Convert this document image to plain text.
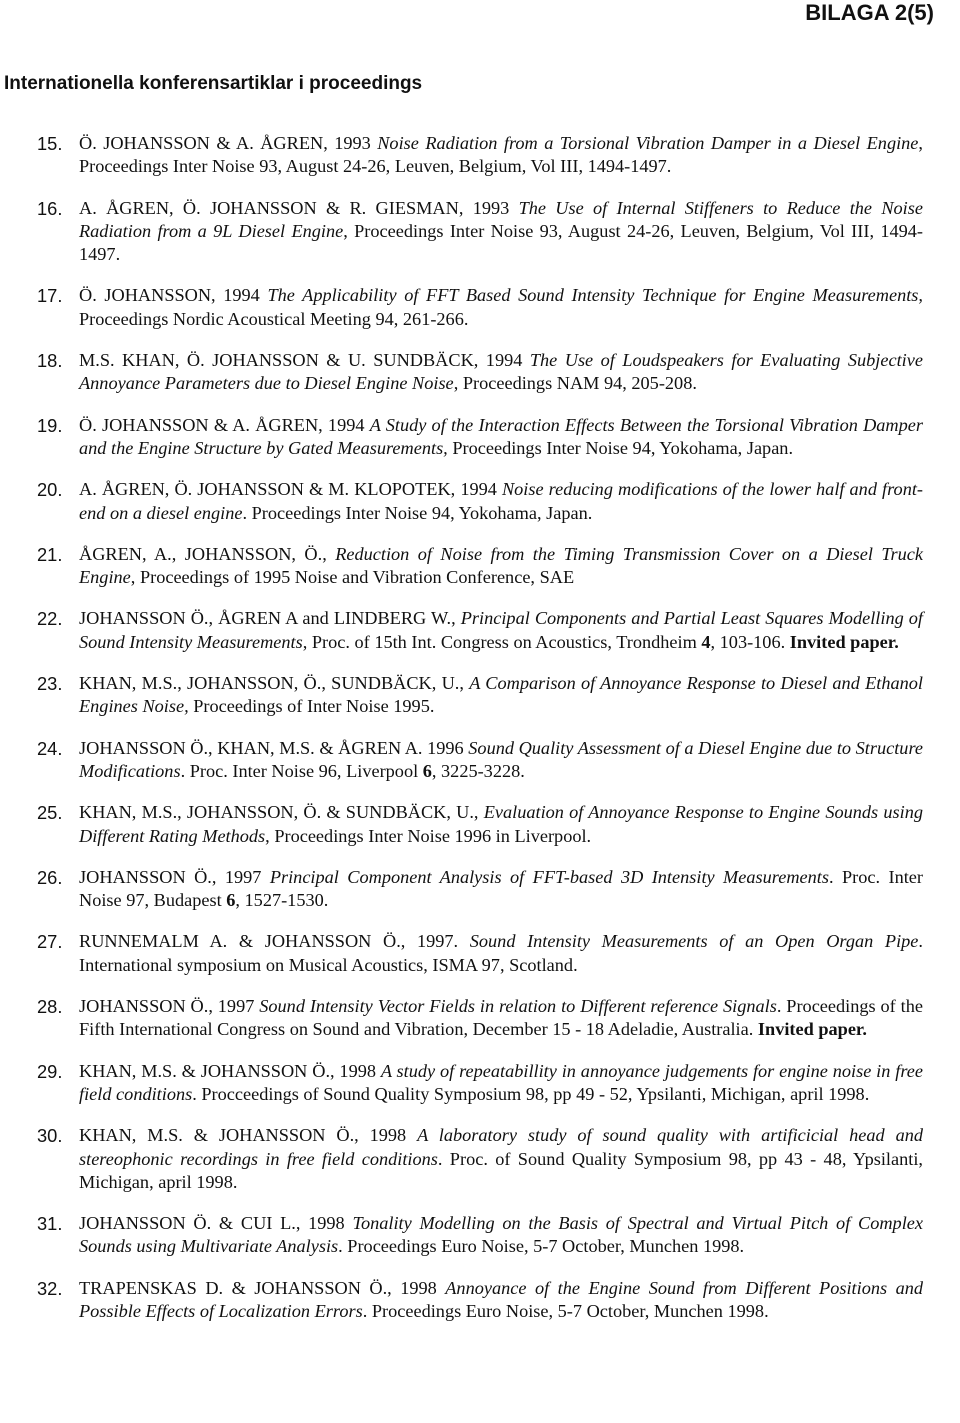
BILAGA 2(5)
Internationella konferensartiklar i proceedings
15. Ö. JOHANSSON & A. ÅGREN, 1993 Noise Radiation from a Torsional Vibration Damper in a Diesel Engine, Proceedings Inter Noise 93, August 24-26, Leuven, Belgium, Vol III, 1494-1497.
16. A. ÅGREN, Ö. JOHANSSON & R. GIESMAN, 1993 The Use of Internal Stiffeners to Reduce the Noise Radiation from a 9L Diesel Engine, Proceedings Inter Noise 93, August 24-26, Leuven, Belgium, Vol III, 1494-1497.
17. Ö. JOHANSSON, 1994 The Applicability of FFT Based Sound Intensity Technique for Engine Measurements, Proceedings Nordic Acoustical Meeting 94, 261-266.
18. M.S. KHAN, Ö. JOHANSSON & U. SUNDBÄCK, 1994 The Use of Loudspeakers for Evaluating Subjective Annoyance Parameters due to Diesel Engine Noise, Proceedings NAM 94, 205-208.
19. Ö. JOHANSSON & A. ÅGREN, 1994 A Study of the Interaction Effects Between the Torsional Vibration Damper and the Engine Structure by Gated Measurements, Proceedings Inter Noise 94, Yokohama, Japan.
20. A. ÅGREN, Ö. JOHANSSON & M. KLOPOTEK, 1994 Noise reducing modifications of the lower half and front-end on a diesel engine. Proceedings Inter Noise 94, Yokohama, Japan.
21. ÅGREN, A., JOHANSSON, Ö., Reduction of Noise from the Timing Transmission Cover on a Diesel Truck Engine, Proceedings of 1995 Noise and Vibration Conference, SAE
22. JOHANSSON Ö., ÅGREN A and LINDBERG W., Principal Components and Partial Least Squares Modelling of Sound Intensity Measurements, Proc. of 15th Int. Congress on Acoustics, Trondheim 4, 103-106. Invited paper.
23. KHAN, M.S., JOHANSSON, Ö., SUNDBÄCK, U., A Comparison of Annoyance Response to Diesel and Ethanol Engines Noise, Proceedings of Inter Noise 1995.
24. JOHANSSON Ö., KHAN, M.S. & ÅGREN A. 1996 Sound Quality Assessment of a Diesel Engine due to Structure Modifications. Proc. Inter Noise 96, Liverpool 6, 3225-3228.
25. KHAN, M.S., JOHANSSON, Ö. & SUNDBÄCK, U., Evaluation of Annoyance Response to Engine Sounds using Different Rating Methods, Proceedings Inter Noise 1996 in Liverpool.
26. JOHANSSON Ö., 1997 Principal Component Analysis of FFT-based 3D Intensity Measurements. Proc. Inter Noise 97, Budapest 6, 1527-1530.
27. RUNNEMALM A. & JOHANSSON Ö., 1997. Sound Intensity Measurements of an Open Organ Pipe. International symposium on Musical Acoustics, ISMA 97, Scotland.
28. JOHANSSON Ö., 1997 Sound Intensity Vector Fields in relation to Different reference Signals. Proceedings of the Fifth International Congress on Sound and Vibration, December 15 - 18 Adeladie, Australia. Invited paper.
29. KHAN, M.S. & JOHANSSON Ö., 1998 A study of repeatabillity in annoyance judgements for engine noise in free field conditions. Procceedings of Sound Quality Symposium 98, pp 49 - 52, Ypsilanti, Michigan, april 1998.
30. KHAN, M.S. & JOHANSSON Ö., 1998 A laboratory study of sound quality with artificicial head and stereophonic recordings in free field conditions. Proc. of Sound Quality Symposium 98, pp 43 - 48, Ypsilanti, Michigan, april 1998.
31. JOHANSSON Ö. & CUI L., 1998 Tonality Modelling on the Basis of Spectral and Virtual Pitch of Complex Sounds using Multivariate Analysis. Proceedings Euro Noise, 5-7 October, Munchen 1998.
32. TRAPENSKAS D. & JOHANSSON Ö., 1998 Annoyance of the Engine Sound from Different Positions and Possible Effects of Localization Errors. Proceedings Euro Noise, 5-7 October, Munchen 1998.
